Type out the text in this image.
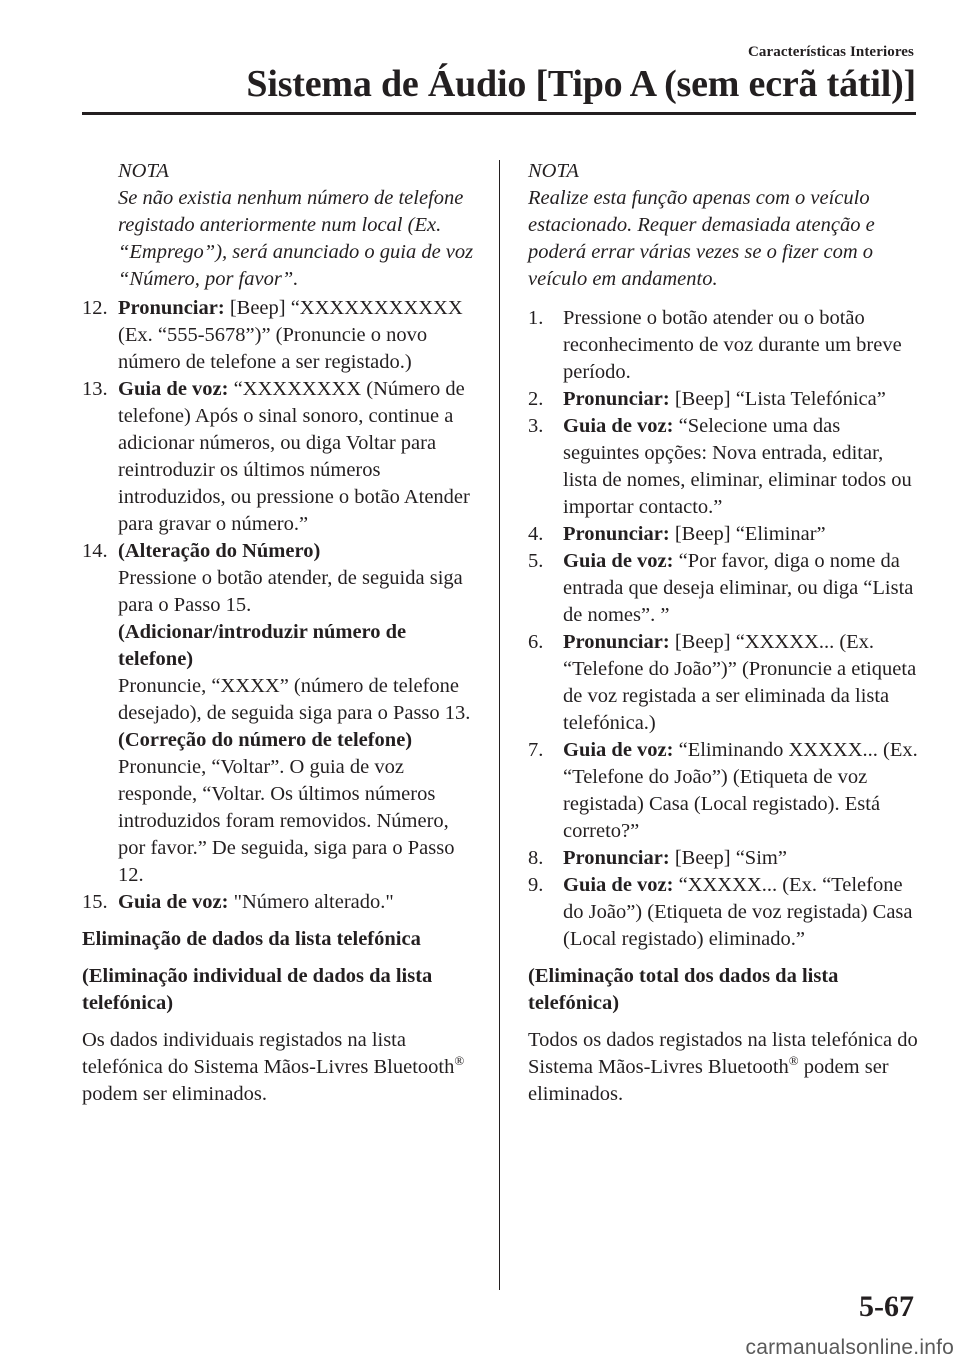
Características Interiores
Sistema de Áudio [Tipo A (sem ecrã tátil)]
NOTA
Se não existia nenhum número de telefone registado anteriormente num local (Ex. “Emprego”), será anunciado o guia de voz “Número, por favor”.
12. Pronunciar: [Beep] “XXXXXXXXXXX (Ex. “555-5678”)” (Pronuncie o novo número de telefone a ser registado.)
13. Guia de voz: “XXXXXXXX (Número de telefone) Após o sinal sonoro, continue a adicionar números, ou diga Voltar para reintroduzir os últimos números introduzidos, ou pressione o botão Atender para gravar o número.”
14. (Alteração do Número)
Pressione o botão atender, de seguida siga para o Passo 15.
(Adicionar/introduzir número de telefone)
Pronuncie, “XXXX” (número de telefone desejado), de seguida siga para o Passo 13.
(Correção do número de telefone)
Pronuncie, “Voltar”. O guia de voz responde, “Voltar. Os últimos números introduzidos foram removidos. Número, por favor.” De seguida, siga para o Passo 12.
15. Guia de voz: "Número alterado."
Eliminação de dados da lista telefónica
(Eliminação individual de dados da lista telefónica)
Os dados individuais registados na lista telefónica do Sistema Mãos-Livres Bluetooth® podem ser eliminados.
NOTA
Realize esta função apenas com o veículo estacionado. Requer demasiada atenção e poderá errar várias vezes se o fizer com o veículo em andamento.
1. Pressione o botão atender ou o botão reconhecimento de voz durante um breve período.
2. Pronunciar: [Beep] “Lista Telefónica”
3. Guia de voz: “Selecione uma das seguintes opções: Nova entrada, editar, lista de nomes, eliminar, eliminar todos ou importar contacto.”
4. Pronunciar: [Beep] “Eliminar”
5. Guia de voz: “Por favor, diga o nome da entrada que deseja eliminar, ou diga “Lista de nomes”. ”
6. Pronunciar: [Beep] “XXXXX... (Ex. “Telefone do João”)” (Pronuncie a etiqueta de voz registada a ser eliminada da lista telefónica.)
7. Guia de voz: “Eliminando XXXXX... (Ex. “Telefone do João”) (Etiqueta de voz registada) Casa (Local registado). Está correto?”
8. Pronunciar: [Beep] “Sim”
9. Guia de voz: “XXXXX... (Ex. “Telefone do João”) (Etiqueta de voz registada) Casa (Local registado) eliminado.”
(Eliminação total dos dados da lista telefónica)
Todos os dados registados na lista telefónica do Sistema Mãos-Livres Bluetooth® podem ser eliminados.
5-67
carmanualsonline.info
